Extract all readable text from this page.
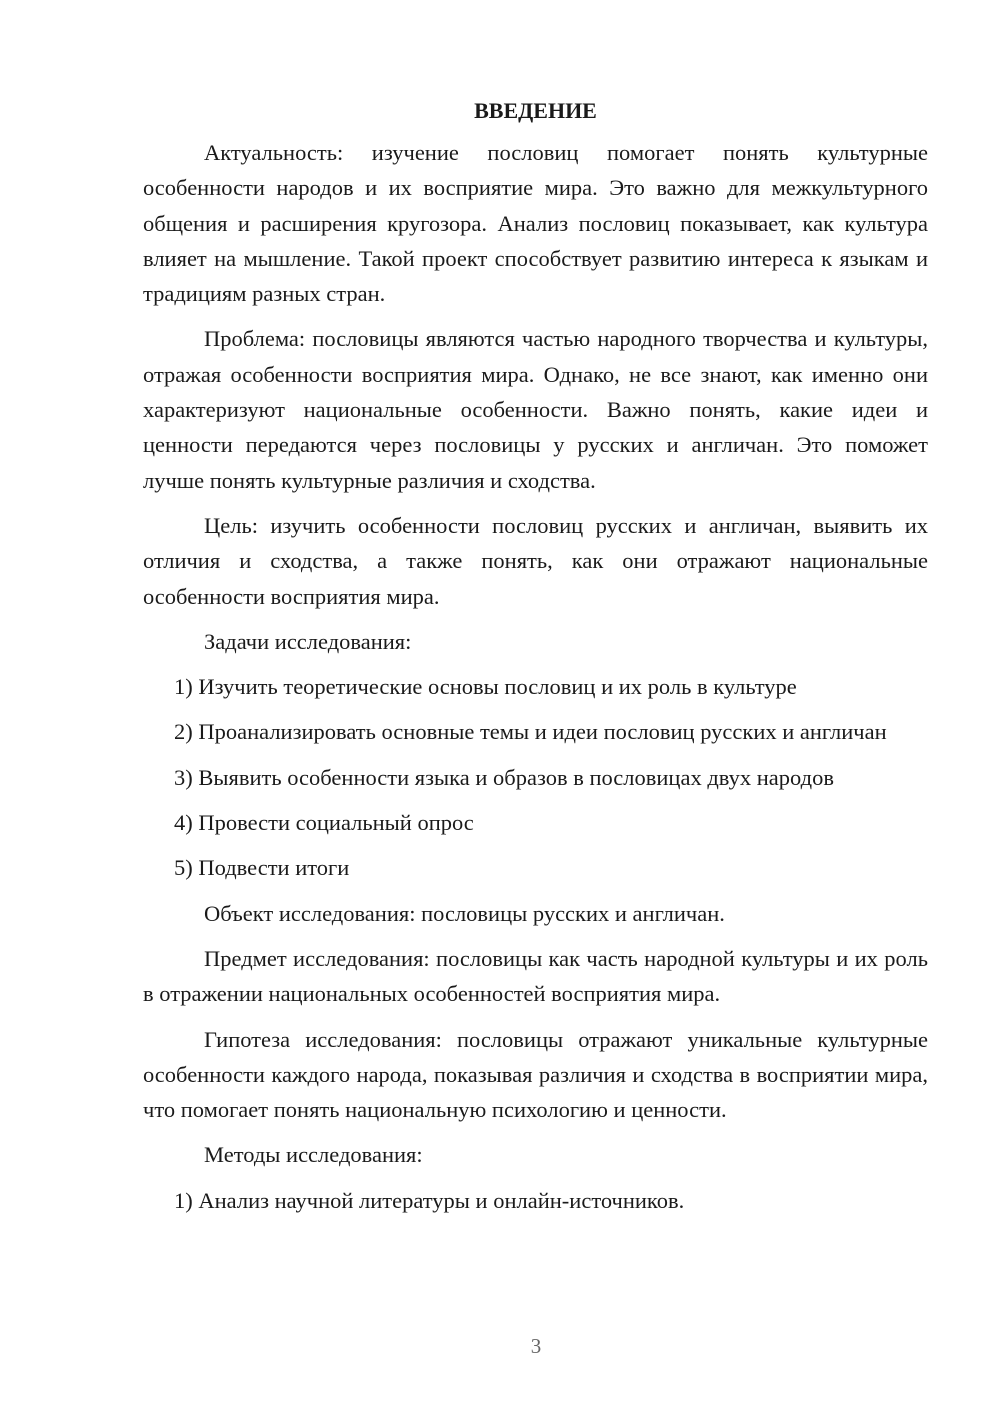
ВВЕДЕНИЕ

Актуальность: изучение пословиц помогает понять культурные особенности народов и их восприятие мира. Это важно для межкультурного общения и расширения кругозора. Анализ пословиц показывает, как культура влияет на мышление. Такой проект способствует развитию интереса к языкам и традициям разных стран.

Проблема: пословицы являются частью народного творчества и культуры, отражая особенности восприятия мира. Однако, не все знают, как именно они характеризуют национальные особенности. Важно понять, какие идеи и ценности передаются через пословицы у русских и англичан. Это поможет лучше понять культурные различия и сходства.

Цель: изучить особенности пословиц русских и англичан, выявить их отличия и сходства, а также понять, как они отражают национальные особенности восприятия мира.

Задачи исследования:

1) Изучить теоретические основы пословиц и их роль в культуре

2) Проанализировать основные темы и идеи пословиц русских и англичан

3) Выявить особенности языка и образов в пословицах двух народов

4) Провести социальный опрос

5) Подвести итоги

Объект исследования: пословицы русских и англичан.

Предмет исследования: пословицы как часть народной культуры и их роль в отражении национальных особенностей восприятия мира.

Гипотеза исследования: пословицы отражают уникальные культурные особенности каждого народа, показывая различия и сходства в восприятии мира, что помогает понять национальную психологию и ценности.

Методы исследования:

1) Анализ научной литературы и онлайн-источников.

3
